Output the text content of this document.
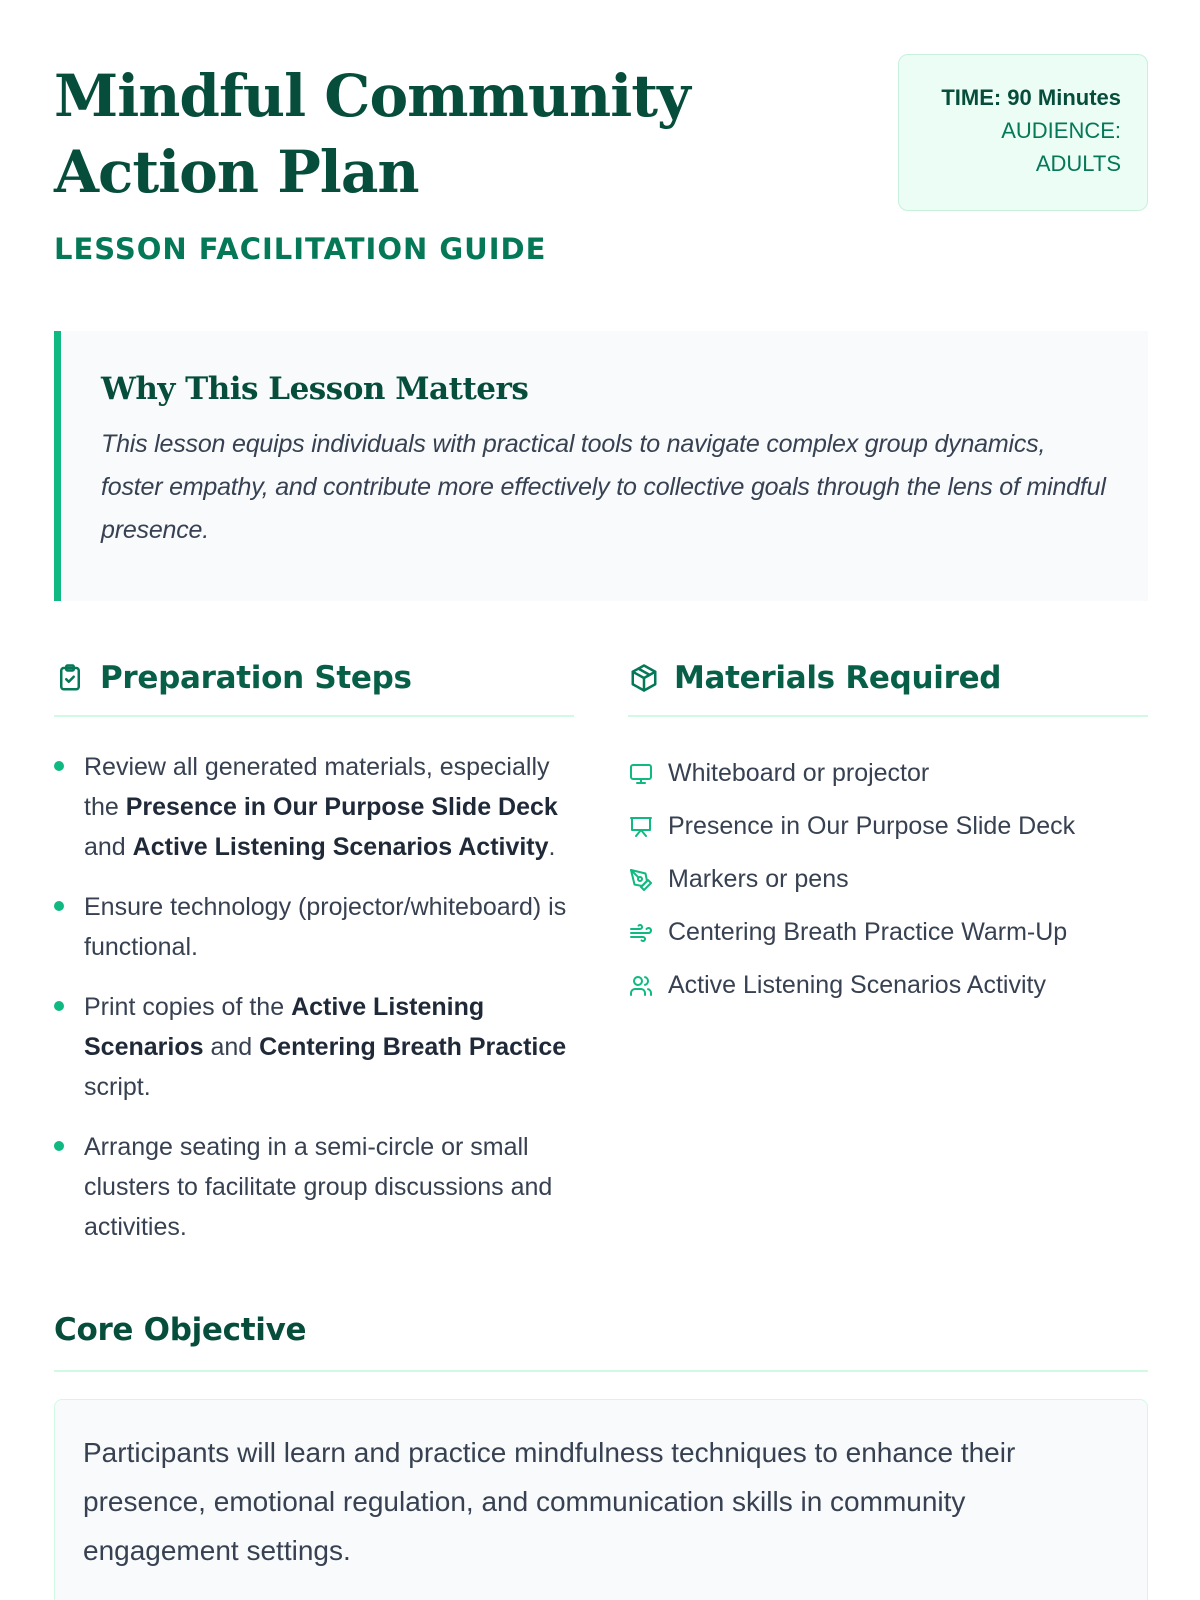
Mindful Community Action Plan
LESSON FACILITATION GUIDE
TIME: 90 Minutes
AUDIENCE: ADULTS
Why This Lesson Matters

This lesson equips individuals with practical tools to navigate complex group dynamics, foster empathy, and contribute more effectively to collective goals through the lens of mindful presence.

Preparation Steps
Review all generated materials, especially the Presence in Our Purpose Slide Deck and Active Listening Scenarios Activity.
Ensure technology (projector/whiteboard) is functional.
Print copies of the Active Listening Scenarios and Centering Breath Practice script.
Arrange seating in a semi-circle or small clusters to facilitate group discussions and activities.
Materials Required
Whiteboard or projector
Presence in Our Purpose Slide Deck
Markers or pens
Centering Breath Practice Warm-Up
Active Listening Scenarios Activity
Core Objective

Participants will learn and practice mindfulness techniques to enhance their presence, emotional regulation, and communication skills in community engagement settings.
